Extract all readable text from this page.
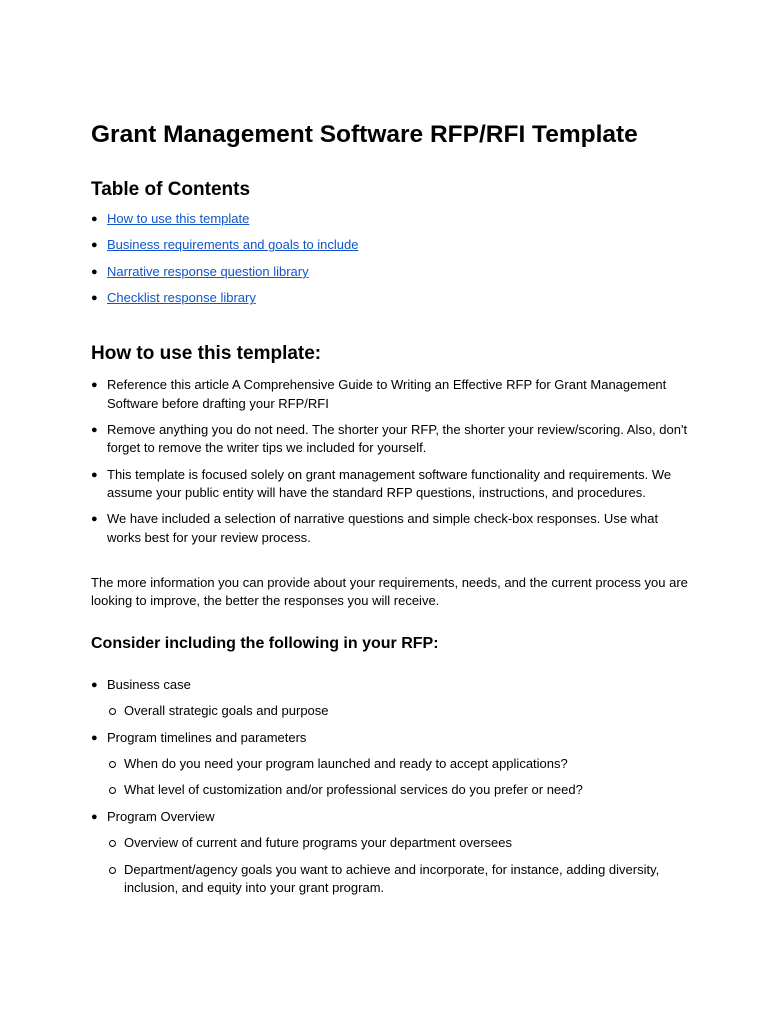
Grant Management Software RFP/RFI Template
Table of Contents
● How to use this template
● Business requirements and goals to include
● Narrative response question library
● Checklist response library
How to use this template:
● Reference this article A Comprehensive Guide to Writing an Effective RFP for Grant Management Software before drafting your RFP/RFI
● Remove anything you do not need. The shorter your RFP, the shorter your review/scoring. Also, don't forget to remove the writer tips we included for yourself.
● This template is focused solely on grant management software functionality and requirements. We assume your public entity will have the standard RFP questions, instructions, and procedures.
● We have included a selection of narrative questions and simple check-box responses. Use what works best for your review process.

The more information you can provide about your requirements, needs, and the current process you are looking to improve, the better the responses you will receive.

Consider including the following in your RFP:
● Business case
Overall strategic goals and purpose
● Program timelines and parameters
When do you need your program launched and ready to accept applications?
What level of customization and/or professional services do you prefer or need?
● Program Overview
Overview of current and future programs your department oversees
Department/agency goals you want to achieve and incorporate, for instance, adding diversity, inclusion, and equity into your grant program.
